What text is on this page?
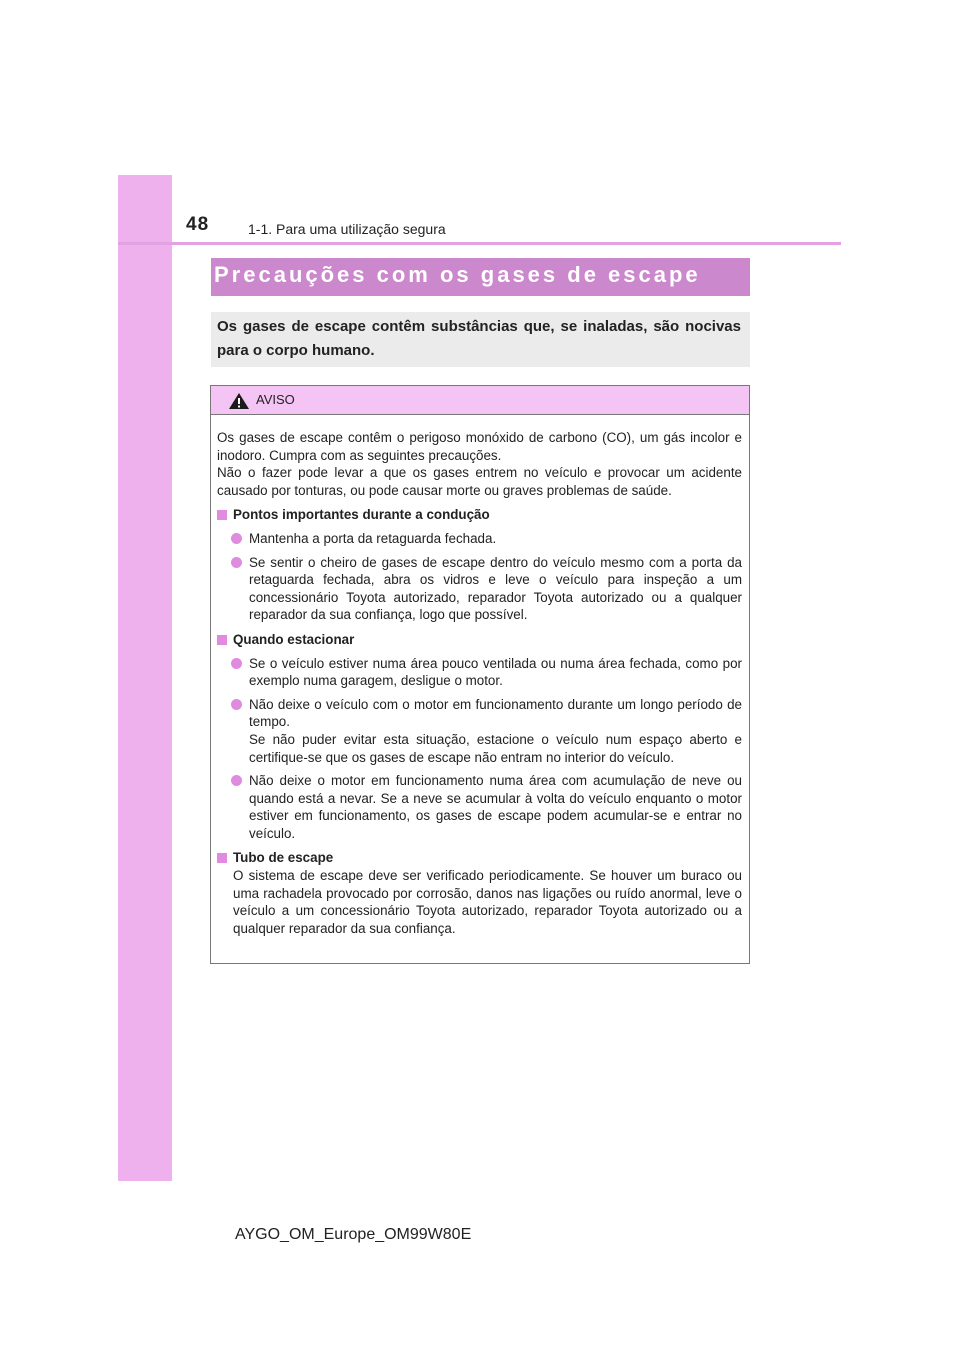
48	1-1. Para uma utilização segura
Precauções com os gases de escape

Os gases de escape contêm substâncias que, se inaladas, são nocivas para o corpo humano.

AVISO

Os gases de escape contêm o perigoso monóxido de carbono (CO), um gás incolor e inodoro. Cumpra com as seguintes precauções.

Não o fazer pode levar a que os gases entrem no veículo e provocar um acidente causado por tonturas, ou pode causar morte ou graves problemas de saúde.

Pontos importantes durante a condução
Mantenha a porta da retaguarda fechada.
Se sentir o cheiro de gases de escape dentro do veículo mesmo com a porta da retaguarda fechada, abra os vidros e leve o veículo para inspeção a um concessionário Toyota autorizado, reparador Toyota autorizado ou a qualquer reparador da sua confiança, logo que possível.
Quando estacionar
Se o veículo estiver numa área pouco ventilada ou numa área fechada, como por exemplo numa garagem, desligue o motor.
Não deixe o veículo com o motor em funcionamento durante um longo período de tempo.
Se não puder evitar esta situação, estacione o veículo num espaço aberto e certifique-se que os gases de escape não entram no interior do veículo.
Não deixe o motor em funcionamento numa área com acumulação de neve ou quando está a nevar. Se a neve se acumular à volta do veículo enquanto o motor estiver em funcionamento, os gases de escape podem acumular-se e entrar no veículo.
Tubo de escape

O sistema de escape deve ser verificado periodicamente. Se houver um buraco ou uma rachadela provocado por corrosão, danos nas ligações ou ruído anormal, leve o veículo a um concessionário Toyota autorizado, reparador Toyota autorizado ou a qualquer reparador da sua confiança.

AYGO_OM_Europe_OM99W80E
